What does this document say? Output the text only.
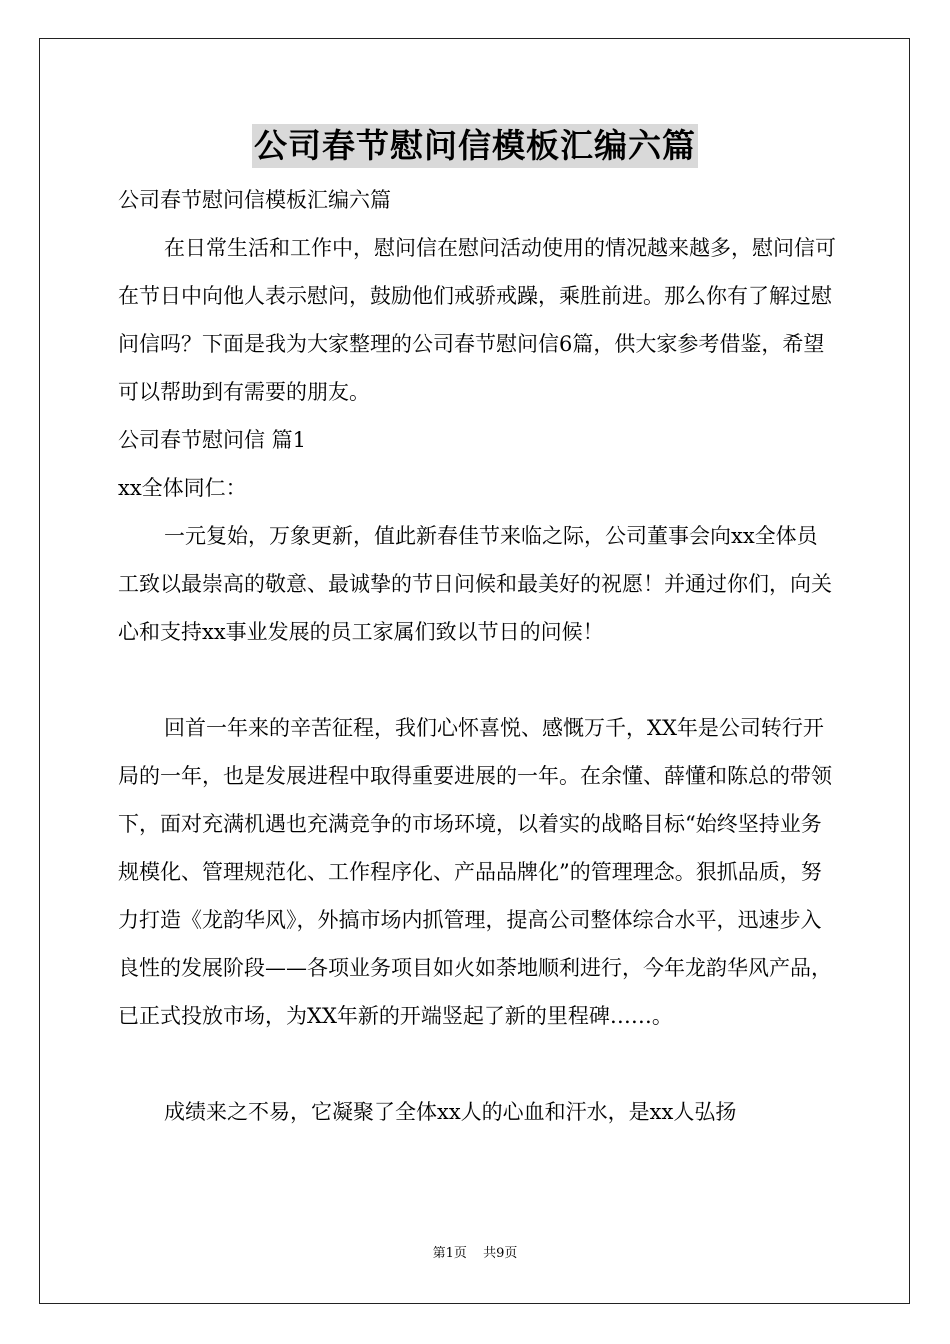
公司春节慰问信模板汇编六篇

公司春节慰问信模板汇编六篇

在日常生活和工作中，慰问信在慰问活动使用的情况越来越多，慰问信可在节日中向他人表示慰问，鼓励他们戒骄戒躁，乘胜前进。那么你有了解过慰问信吗？下面是我为大家整理的公司春节慰问信6篇，供大家参考借鉴，希望可以帮助到有需要的朋友。

公司春节慰问信 篇1

xx全体同仁：

一元复始，万象更新，值此新春佳节来临之际，公司董事会向xx全体员工致以最崇高的敬意、最诚挚的节日问候和最美好的祝愿！并通过你们，向关心和支持xx事业发展的员工家属们致以节日的问候！

回首一年来的辛苦征程，我们心怀喜悦、感慨万千，XX年是公司转行开局的一年，也是发展进程中取得重要进展的一年。在余懂、薛懂和陈总的带领下，面对充满机遇也充满竞争的市场环境，以着实的战略目标“始终坚持业务规模化、管理规范化、工作程序化、产品品牌化”的管理理念。狠抓品质，努力打造《龙韵华风》，外搞市场内抓管理，提高公司整体综合水平，迅速步入良性的发展阶段——各项业务项目如火如荼地顺利进行，今年龙韵华风产品，已正式投放市场，为XX年新的开端竖起了新的里程碑……。

成绩来之不易，它凝聚了全体xx人的心血和汗水，是xx人弘扬

第1页 共9页
